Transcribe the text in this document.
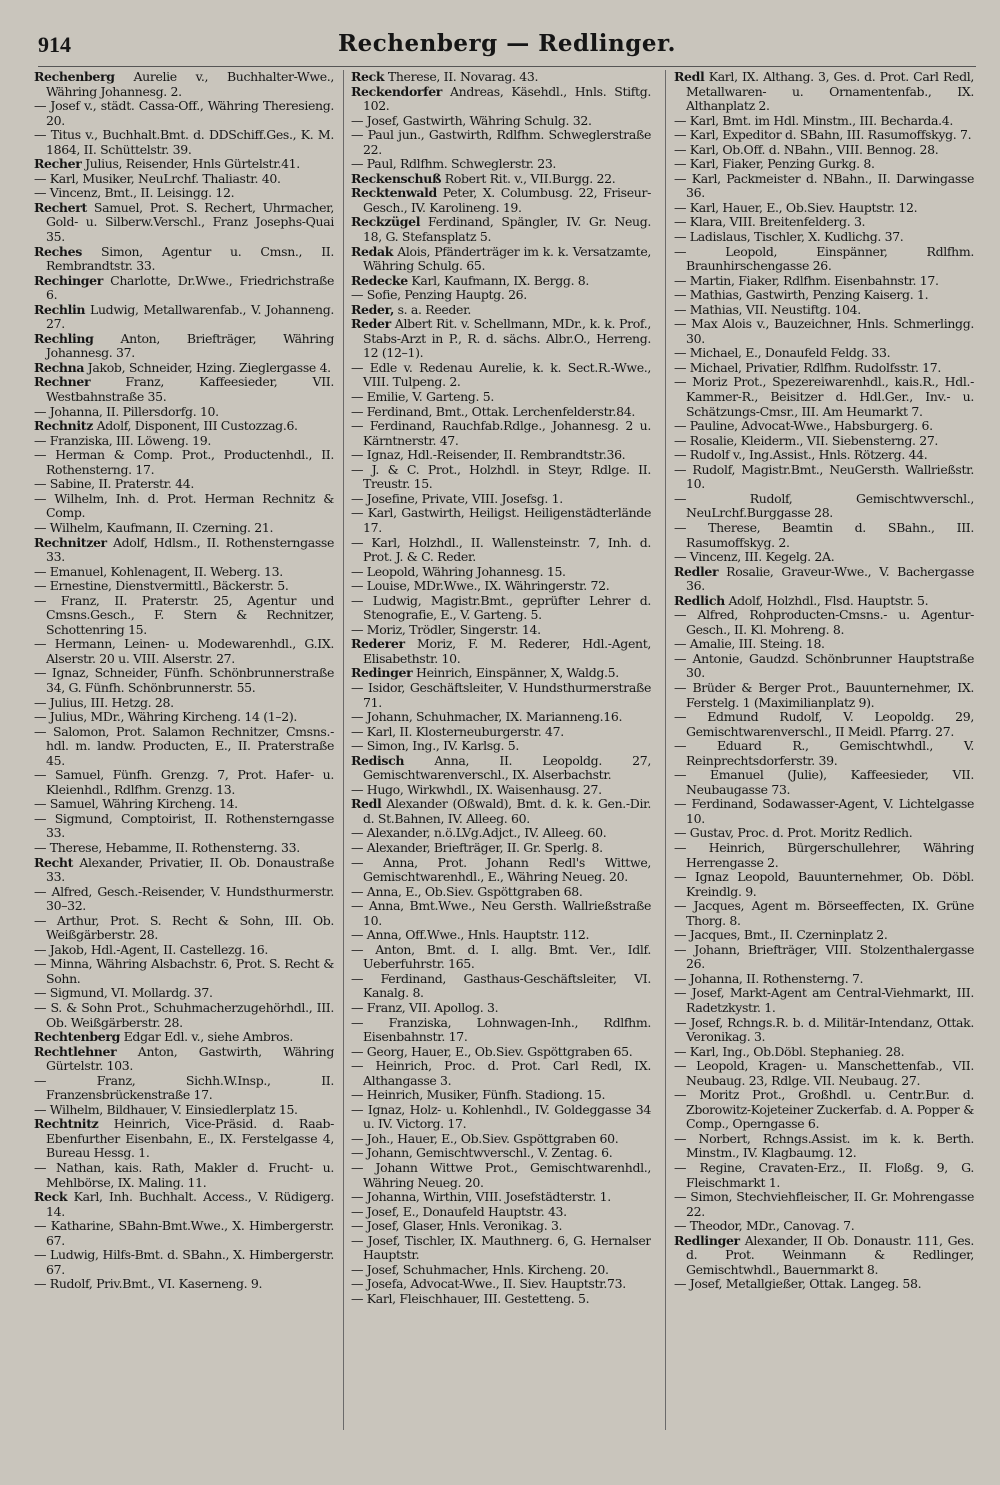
914	Rechenberg — Redlinger.

Rechenberg Aurelie v., Buchhalter-Wwe., Währing Johannesg. 2.

— Josef v., städt. Cassa-Off., Währing Theresieng. 20.

— Titus v., Buchhalt.Bmt. d. DDSchiff.Ges., K. M. 1864, II. Schüttelstr. 39.

Recher Julius, Reisender, Hnls Gürtelstr.41.

— Karl, Musiker, NeuLrchf. Thaliastr. 40.

— Vincenz, Bmt., II. Leisingg. 12.

Rechert Samuel, Prot. S. Rechert, Uhrmacher, Gold- u. Silberw.Verschl., Franz Josephs-Quai 35.

Reches Simon, Agentur u. Cmsn., II. Rembrandtstr. 33.

Rechinger Charlotte, Dr.Wwe., Friedrichstraße 6.

Rechlin Ludwig, Metallwarenfab., V. Johanneng. 27.

Rechling Anton, Briefträger, Währing Johannesg. 37.

Rechna Jakob, Schneider, Hzing. Zieglergasse 4.

Rechner Franz, Kaffeesieder, VII. Westbahnstraße 35.

— Johanna, II. Pillersdorfg. 10.

Rechnitz Adolf, Disponent, III Custozzag.6.

— Franziska, III. Löweng. 19.

— Herman & Comp. Prot., Productenhdl., II. Rothensterng. 17.

— Sabine, II. Praterstr. 44.

— Wilhelm, Inh. d. Prot. Herman Rechnitz & Comp.

— Wilhelm, Kaufmann, II. Czerning. 21.

Rechnitzer Adolf, Hdlsm., II. Rothensterngasse 33.

— Emanuel, Kohlenagent, II. Weberg. 13.

— Ernestine, Dienstvermittl., Bäckerstr. 5.

— Franz, II. Praterstr. 25, Agentur und Cmsns.Gesch., F. Stern & Rechnitzer, Schottenring 15.

— Hermann, Leinen- u. Modewarenhdl., G.IX. Alserstr. 20 u. VIII. Alserstr. 27.

— Ignaz, Schneider, Fünfh. Schönbrunnerstraße 34, G. Fünfh. Schönbrunnerstr. 55.

— Julius, III. Hetzg. 28.

— Julius, MDr., Währing Kircheng. 14 (1–2).

— Salomon, Prot. Salamon Rechnitzer, Cmsns.-hdl. m. landw. Producten, E., II. Praterstraße 45.

— Samuel, Fünfh. Grenzg. 7, Prot. Hafer- u. Kleienhdl., Rdlfhm. Grenzg. 13.

— Samuel, Währing Kircheng. 14.

— Sigmund, Comptoirist, II. Rothensterngasse 33.

— Therese, Hebamme, II. Rothensterng. 33.

Recht Alexander, Privatier, II. Ob. Donaustraße 33.

— Alfred, Gesch.-Reisender, V. Hundsthurmerstr. 30–32.

— Arthur, Prot. S. Recht & Sohn, III. Ob. Weißgärberstr. 28.

— Jakob, Hdl.-Agent, II. Castellezg. 16.

— Minna, Währing Alsbachstr. 6, Prot. S. Recht & Sohn.

— Sigmund, VI. Mollardg. 37.

— S. & Sohn Prot., Schuhmacherzugehörhdl., III. Ob. Weißgärberstr. 28.

Rechtenberg Edgar Edl. v., siehe Ambros.

Rechtlehner Anton, Gastwirth, Währing Gürtelstr. 103.

— Franz, Sichh.W.Insp., II. Franzensbrückenstraße 17.

— Wilhelm, Bildhauer, V. Einsiedlerplatz 15.

Rechtnitz Heinrich, Vice-Präsid. d. Raab-Ebenfurther Eisenbahn, E., IX. Ferstelgasse 4, Bureau Hessg. 1.

— Nathan, kais. Rath, Makler d. Frucht- u. Mehlbörse, IX. Maling. 11.

Reck Karl, Inh. Buchhalt. Access., V. Rüdigerg. 14.

— Katharine, SBahn-Bmt.Wwe., X. Himbergerstr. 67.

— Ludwig, Hilfs-Bmt. d. SBahn., X. Himbergerstr. 67.

— Rudolf, Priv.Bmt., VI. Kaserneng. 9.

Reck Therese, II. Novarag. 43.

Reckendorfer Andreas, Käsehdl., Hnls. Stiftg. 102.

— Josef, Gastwirth, Währing Schulg. 32.

— Paul jun., Gastwirth, Rdlfhm. Schweglerstraße 22.

— Paul, Rdlfhm. Schweglerstr. 23.

Reckenschuß Robert Rit. v., VII.Burgg. 22.

Recktenwald Peter, X. Columbusg. 22, Friseur-Gesch., IV. Karolineng. 19.

Reckzügel Ferdinand, Spängler, IV. Gr. Neug. 18, G. Stefansplatz 5.

Redak Alois, Pfänderträger im k. k. Versatzamte, Währing Schulg. 65.

Redecke Karl, Kaufmann, IX. Bergg. 8.

— Sofie, Penzing Hauptg. 26.

Reder, s. a. Reeder.

Reder Albert Rit. v. Schellmann, MDr., k. k. Prof., Stabs-Arzt in P., R. d. sächs. Albr.O., Herreng. 12 (12–1).

— Edle v. Redenau Aurelie, k. k. Sect.R.-Wwe., VIII. Tulpeng. 2.

— Emilie, V. Garteng. 5.

— Ferdinand, Bmt., Ottak. Lerchenfelderstr.84.

— Ferdinand, Rauchfab.Rdlge., Johannesg. 2 u. Kärntnerstr. 47.

— Ignaz, Hdl.-Reisender, II. Rembrandtstr.36.

— J. & C. Prot., Holzhdl. in Steyr, Rdlge. II. Treustr. 15.

— Josefine, Private, VIII. Josefsg. 1.

— Karl, Gastwirth, Heiligst. Heiligenstädterlände 17.

— Karl, Holzhdl., II. Wallensteinstr. 7, Inh. d. Prot. J. & C. Reder.

— Leopold, Währing Johannesg. 15.

— Louise, MDr.Wwe., IX. Währingerstr. 72.

— Ludwig, Magistr.Bmt., geprüfter Lehrer d. Stenografie, E., V. Garteng. 5.

— Moriz, Trödler, Singerstr. 14.

Rederer Moriz, F. M. Rederer, Hdl.-Agent, Elisabethstr. 10.

Redinger Heinrich, Einspänner, X, Waldg.5.

— Isidor, Geschäftsleiter, V. Hundsthurmerstraße 71.

— Johann, Schuhmacher, IX. Marianneng.16.

— Karl, II. Klosterneuburgerstr. 47.

— Simon, Ing., IV. Karlsg. 5.

Redisch Anna, II. Leopoldg. 27, Gemischtwarenverschl., IX. Alserbachstr.

— Hugo, Wirkwhdl., IX. Waisenhausg. 27.

Redl Alexander (Oßwald), Bmt. d. k. k. Gen.-Dir. d. St.Bahnen, IV. Alleeg. 60.

— Alexander, n.ö.LVg.Adjct., IV. Alleeg. 60.

— Alexander, Briefträger, II. Gr. Sperlg. 8.

— Anna, Prot. Johann Redl's Wittwe, Gemischtwarenhdl., E., Währing Neueg. 20.

— Anna, E., Ob.Siev. Gspöttgraben 68.

— Anna, Bmt.Wwe., Neu Gersth. Wallrießstraße 10.

— Anna, Off.Wwe., Hnls. Hauptstr. 112.

— Anton, Bmt. d. I. allg. Bmt. Ver., Idlf. Ueberfuhrstr. 165.

— Ferdinand, Gasthaus-Geschäftsleiter, VI. Kanalg. 8.

— Franz, VII. Apollog. 3.

— Franziska, Lohnwagen-Inh., Rdlfhm. Eisenbahnstr. 17.

— Georg, Hauer, E., Ob.Siev. Gspöttgraben 65.

— Heinrich, Proc. d. Prot. Carl Redl, IX. Althangasse 3.

— Heinrich, Musiker, Fünfh. Stadiong. 15.

— Ignaz, Holz- u. Kohlenhdl., IV. Goldeggasse 34 u. IV. Victorg. 17.

— Joh., Hauer, E., Ob.Siev. Gspöttgraben 60.

— Johann, Gemischtwverschl., V. Zentag. 6.

— Johann Wittwe Prot., Gemischtwarenhdl., Währing Neueg. 20.

— Johanna, Wirthin, VIII. Josefstädterstr. 1.

— Josef, E., Donaufeld Hauptstr. 43.

— Josef, Glaser, Hnls. Veronikag. 3.

— Josef, Tischler, IX. Mauthnerg. 6, G. Hernalser Hauptstr.

— Josef, Schuhmacher, Hnls. Kircheng. 20.

— Josefa, Advocat-Wwe., II. Siev. Hauptstr.73.

— Karl, Fleischhauer, III. Gestetteng. 5.

Redl Karl, IX. Althang. 3, Ges. d. Prot. Carl Redl, Metallwaren- u. Ornamentenfab., IX. Althanplatz 2.

— Karl, Bmt. im Hdl. Minstm., III. Becharda.4.

— Karl, Expeditor d. SBahn, III. Rasumoffskyg. 7.

— Karl, Ob.Off. d. NBahn., VIII. Bennog. 28.

— Karl, Fiaker, Penzing Gurkg. 8.

— Karl, Packmeister d. NBahn., II. Darwingasse 36.

— Karl, Hauer, E., Ob.Siev. Hauptstr. 12.

— Klara, VIII. Breitenfelderg. 3.

— Ladislaus, Tischler, X. Kudlichg. 37.

— Leopold, Einspänner, Rdlfhm. Braunhirschengasse 26.

— Martin, Fiaker, Rdlfhm. Eisenbahnstr. 17.

— Mathias, Gastwirth, Penzing Kaiserg. 1.

— Mathias, VII. Neustiftg. 104.

— Max Alois v., Bauzeichner, Hnls. Schmerlingg. 30.

— Michael, E., Donaufeld Feldg. 33.

— Michael, Privatier, Rdlfhm. Rudolfsstr. 17.

— Moriz Prot., Spezereiwarenhdl., kais.R., Hdl.-Kammer-R., Beisitzer d. Hdl.Ger., Inv.- u. Schätzungs-Cmsr., III. Am Heumarkt 7.

— Pauline, Advocat-Wwe., Habsburgerg. 6.

— Rosalie, Kleiderm., VII. Siebensterng. 27.

— Rudolf v., Ing.Assist., Hnls. Rötzerg. 44.

— Rudolf, Magistr.Bmt., NeuGersth. Wallrießstr. 10.

— Rudolf, Gemischtwverschl., NeuLrchf.Burggasse 28.

— Therese, Beamtin d. SBahn., III. Rasumoffskyg. 2.

— Vincenz, III. Kegelg. 2A.

Redler Rosalie, Graveur-Wwe., V. Bachergasse 36.

Redlich Adolf, Holzhdl., Flsd. Hauptstr. 5.

— Alfred, Rohproducten-Cmsns.- u. Agentur-Gesch., II. Kl. Mohreng. 8.

— Amalie, III. Steing. 18.

— Antonie, Gaudzd. Schönbrunner Hauptstraße 30.

— Brüder & Berger Prot., Bauunternehmer, IX. Ferstelg. 1 (Maximilianplatz 9).

— Edmund Rudolf, V. Leopoldg. 29, Gemischtwarenverschl., II Meidl. Pfarrg. 27.

— Eduard R., Gemischtwhdl., V. Reinprechtsdorferstr. 39.

— Emanuel (Julie), Kaffeesieder, VII. Neubaugasse 73.

— Ferdinand, Sodawasser-Agent, V. Lichtelgasse 10.

— Gustav, Proc. d. Prot. Moritz Redlich.

— Heinrich, Bürgerschullehrer, Währing Herrengasse 2.

— Ignaz Leopold, Bauunternehmer, Ob. Döbl. Kreindlg. 9.

— Jacques, Agent m. Börseeffecten, IX. Grüne Thorg. 8.

— Jacques, Bmt., II. Czerninplatz 2.

— Johann, Briefträger, VIII. Stolzenthalergasse 26.

— Johanna, II. Rothensterng. 7.

— Josef, Markt-Agent am Central-Viehmarkt, III. Radetzkystr. 1.

— Josef, Rchngs.R. b. d. Militär-Intendanz, Ottak. Veronikag. 3.

— Karl, Ing., Ob.Döbl. Stephanieg. 28.

— Leopold, Kragen- u. Manschettenfab., VII. Neubaug. 23, Rdlge. VII. Neubaug. 27.

— Moritz Prot., Großhdl. u. Centr.Bur. d. Zborowitz-Kojeteiner Zuckerfab. d. A. Popper & Comp., Operngasse 6.

— Norbert, Rchngs.Assist. im k. k. Berth. Minstm., IV. Klagbaumg. 12.

— Regine, Cravaten-Erz., II. Floßg. 9, G. Fleischmarkt 1.

— Simon, Stechviehfleischer, II. Gr. Mohrengasse 22.

— Theodor, MDr., Canovag. 7.

Redlinger Alexander, II Ob. Donaustr. 111, Ges. d. Prot. Weinmann & Redlinger, Gemischtwhdl., Bauernmarkt 8.

— Josef, Metallgießer, Ottak. Langeg. 58.
